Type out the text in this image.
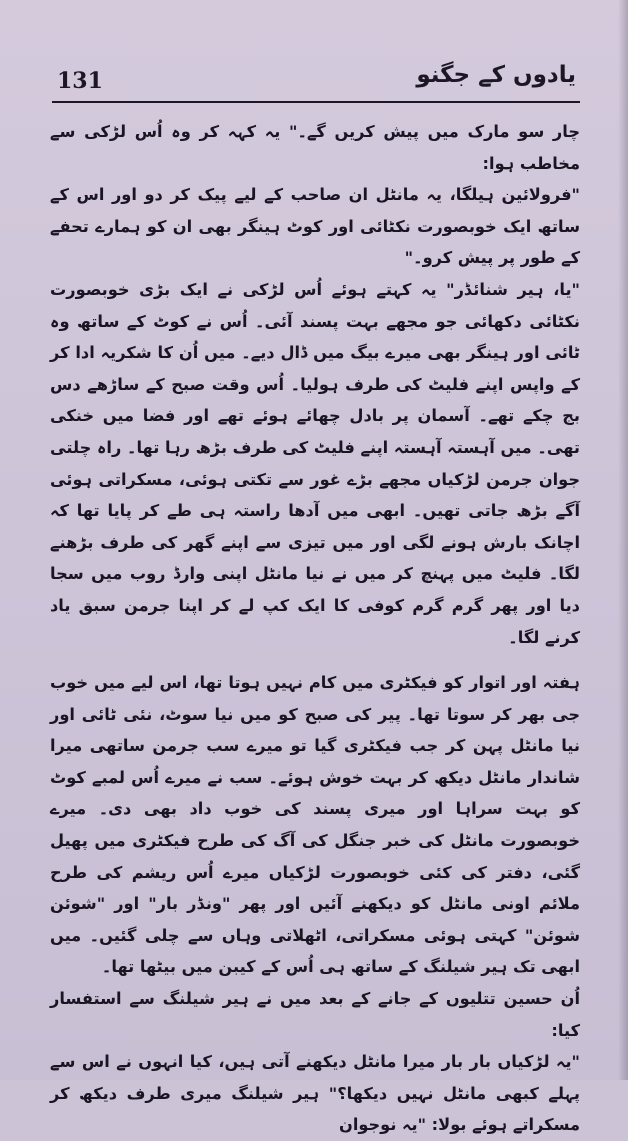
131	یادوں کے جگنو

چار سو مارک میں پیش کریں گے۔" یہ کہہ کر وہ اُس لڑکی سے مخاطب ہوا:

"فرولائین ہیلگا، یہ مانٹل ان صاحب کے لیے پیک کر دو اور اس کے ساتھ ایک خوبصورت نکٹائی اور کوٹ ہینگر بھی ان کو ہمارے تحفے کے طور پر پیش کرو۔"

"یا، ہیر شنائڈر" یہ کہتے ہوئے اُس لڑکی نے ایک بڑی خوبصورت نکٹائی دکھائی جو مجھے بہت پسند آئی۔ اُس نے کوٹ کے ساتھ وہ ٹائی اور ہینگر بھی میرے بیگ میں ڈال دیے۔ میں اُن کا شکریہ ادا کر کے واپس اپنے فلیٹ کی طرف ہولیا۔ اُس وقت صبح کے ساڑھے دس بج چکے تھے۔ آسمان پر بادل چھائے ہوئے تھے اور فضا میں خنکی تھی۔ میں آہستہ آہستہ اپنے فلیٹ کی طرف بڑھ رہا تھا۔ راہ چلتی جوان جرمن لڑکیاں مجھے بڑے غور سے تکتی ہوئی، مسکراتی ہوئی آگے بڑھ جاتی تھیں۔ ابھی میں آدھا راستہ ہی طے کر پایا تھا کہ اچانک بارش ہونے لگی اور میں تیزی سے اپنے گھر کی طرف بڑھنے لگا۔ فلیٹ میں پہنچ کر میں نے نیا مانٹل اپنی وارڈ روب میں سجا دیا اور پھر گرم گرم کوفی کا ایک کپ لے کر اپنا جرمن سبق یاد کرنے لگا۔

ہفتہ اور اتوار کو فیکٹری میں کام نہیں ہوتا تھا، اس لیے میں خوب جی بھر کر سوتا تھا۔ پیر کی صبح کو میں نیا سوٹ، نئی ٹائی اور نیا مانٹل پہن کر جب فیکٹری گیا تو میرے سب جرمن ساتھی میرا شاندار مانٹل دیکھ کر بہت خوش ہوئے۔ سب نے میرے اُس لمبے کوٹ کو بہت سراہا اور میری پسند کی خوب داد بھی دی۔ میرے خوبصورت مانٹل کی خبر جنگل کی آگ کی طرح فیکٹری میں پھیل گئی، دفتر کی کئی خوبصورت لڑکیاں میرے اُس ریشم کی طرح ملائم اونی مانٹل کو دیکھنے آئیں اور پھر "ونڈر بار" اور "شوئن شوئن" کہتی ہوئی مسکراتی، اٹھلاتی وہاں سے چلی گئیں۔ میں ابھی تک ہیر شیلنگ کے ساتھ ہی اُس کے کیبن میں بیٹھا تھا۔

اُن حسین تتلیوں کے جانے کے بعد میں نے ہیر شیلنگ سے استفسار کیا:

"یہ لڑکیاں بار بار میرا مانٹل دیکھنے آتی ہیں، کیا انہوں نے اس سے پہلے کبھی مانٹل نہیں دیکھا؟" ہیر شیلنگ میری طرف دیکھ کر مسکراتے ہوئے بولا: "یہ نوجوان
